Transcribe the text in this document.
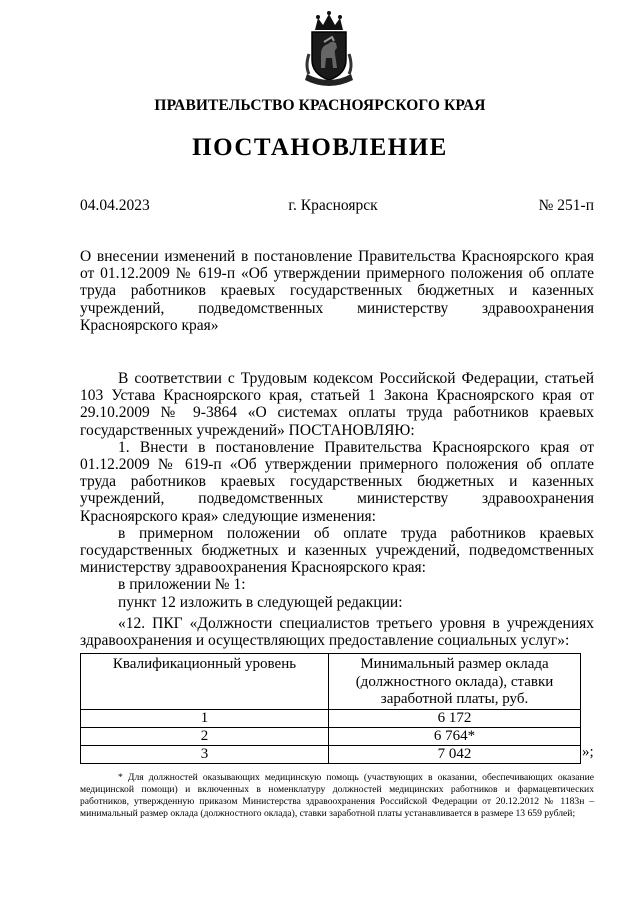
ПРАВИТЕЛЬСТВО КРАСНОЯРСКОГО КРАЯ
ПОСТАНОВЛЕНИЕ
04.04.2023	г. Красноярск	№ 251-п
О внесении изменений в постановление Правительства Красноярского края от 01.12.2009 № 619-п «Об утверждении примерного положения об оплате труда работников краевых государственных бюджетных и казенных учреждений, подведомственных министерству здравоохранения Красноярского края»

В соответствии с Трудовым кодексом Российской Федерации, статьей 103 Устава Красноярского края, статьей 1 Закона Красноярского края от 29.10.2009 № 9-3864 «О системах оплаты труда работников краевых государственных учреждений» ПОСТАНОВЛЯЮ:

1. Внести в постановление Правительства Красноярского края от 01.12.2009 № 619-п «Об утверждении примерного положения об оплате труда работников краевых государственных бюджетных и казенных учреждений, подведомственных министерству здравоохранения Красноярского края» следующие изменения:

в примерном положении об оплате труда работников краевых государственных бюджетных и казенных учреждений, подведомственных министерству здравоохранения Красноярского края:

в приложении № 1:

пункт 12 изложить в следующей редакции:

«12. ПКГ «Должности специалистов третьего уровня в учреждениях здравоохранения и осуществляющих предоставление социальных услуг»:
Квалификационный уровень	Минимальный размер оклада (должностного оклада), ставки заработной платы, руб.
1	6 172
2	6 764*
3	7 042	»;
* Для должностей оказывающих медицинскую помощь (участвующих в оказании, обеспечивающих оказание медицинской помощи) и включенных в номенклатуру должностей медицинских работников и фармацевтических работников, утвержденную приказом Министерства здравоохранения Российской Федерации от 20.12.2012 № 1183н – минимальный размер оклада (должностного оклада), ставки заработной платы устанавливается в размере 13 659 рублей;
